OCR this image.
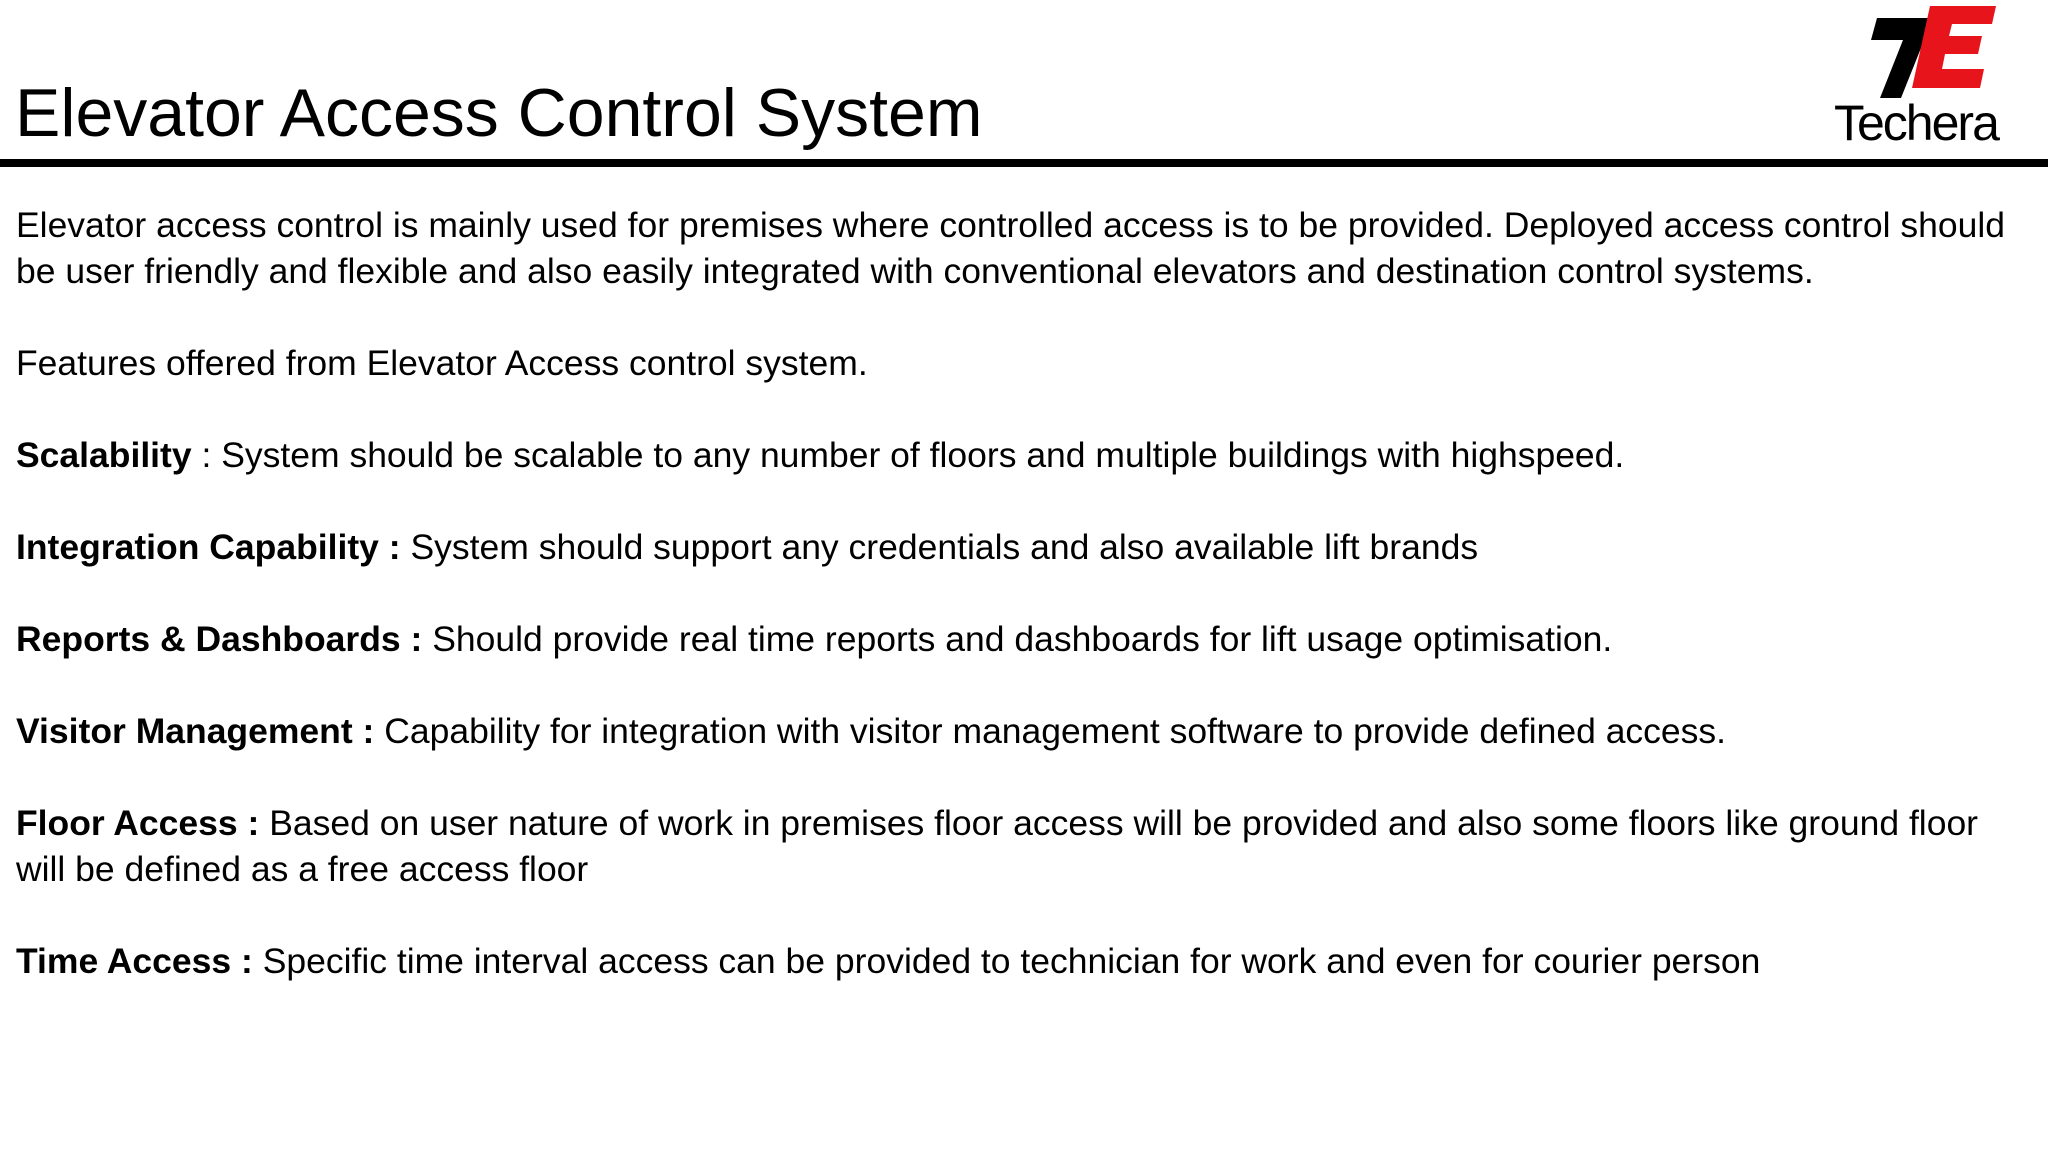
Elevator Access Control System	Techera

Elevator access control is mainly used for premises where controlled access is to be provided. Deployed access control should be user friendly and flexible and also easily integrated with conventional elevators and destination control systems.

Features offered from Elevator Access control system.

Scalability : System should be scalable to any number of floors and multiple buildings with highspeed.

Integration Capability : System should support any credentials and also available lift brands

Reports & Dashboards : Should provide real time reports and dashboards for lift usage optimisation.

Visitor Management : Capability for integration with visitor management software to provide defined access.

Floor Access : Based on user nature of work in premises floor access will be provided and also some floors like ground floor will be defined as a free access floor

Time Access : Specific time interval access can be provided to technician for work and even for courier person
